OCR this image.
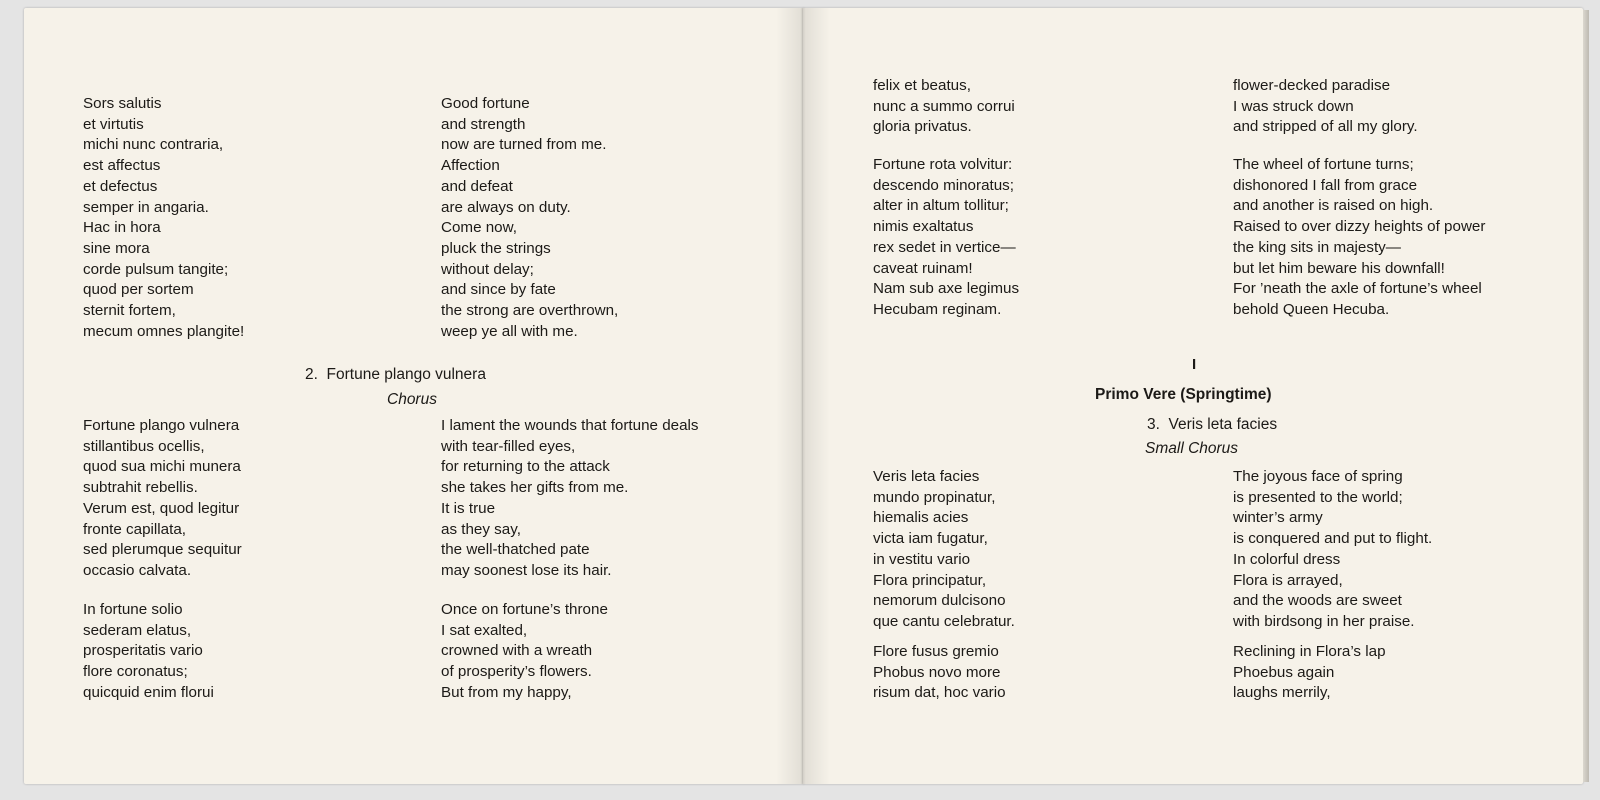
Sors salutis
et virtutis
michi nunc contraria,
est affectus
et defectus
semper in angaria.
Hac in hora
sine mora
corde pulsum tangite;
quod per sortem
sternit fortem,
mecum omnes plangite!
Good fortune
and strength
now are turned from me.
Affection
and defeat
are always on duty.
Come now,
pluck the strings
without delay;
and since by fate
the strong are overthrown,
weep ye all with me.
2.  Fortune plango vulnera
Chorus
Fortune plango vulnera
stillantibus ocellis,
quod sua michi munera
subtrahit rebellis.
Verum est, quod legitur
fronte capillata,
sed plerumque sequitur
occasio calvata.
In fortune solio
sederam elatus,
prosperitatis vario
flore coronatus;
quicquid enim florui
I lament the wounds that fortune deals
with tear-filled eyes,
for returning to the attack
she takes her gifts from me.
It is true
as they say,
the well-thatched pate
may soonest lose its hair.
Once on fortune’s throne
I sat exalted,
crowned with a wreath
of prosperity’s flowers.
But from my happy,
felix et beatus,
nunc a summo corrui
gloria privatus.
Fortune rota volvitur:
descendo minoratus;
alter in altum tollitur;
nimis exaltatus
rex sedet in vertice—
caveat ruinam!
Nam sub axe legimus
Hecubam reginam.
flower-decked paradise
I was struck down
and stripped of all my glory.
The wheel of fortune turns;
dishonored I fall from grace
and another is raised on high.
Raised to over dizzy heights of power
the king sits in majesty—
but let him beware his downfall!
For ’neath the axle of fortune’s wheel
behold Queen Hecuba.
I
Primo Vere (Springtime)
3.  Veris leta facies
Small Chorus
Veris leta facies
mundo propinatur,
hiemalis acies
victa iam fugatur,
in vestitu vario
Flora principatur,
nemorum dulcisono
que cantu celebratur.
Flore fusus gremio
Phobus novo more
risum dat, hoc vario
The joyous face of spring
is presented to the world;
winter’s army
is conquered and put to flight.
In colorful dress
Flora is arrayed,
and the woods are sweet
with birdsong in her praise.
Reclining in Flora’s lap
Phoebus again
laughs merrily,
